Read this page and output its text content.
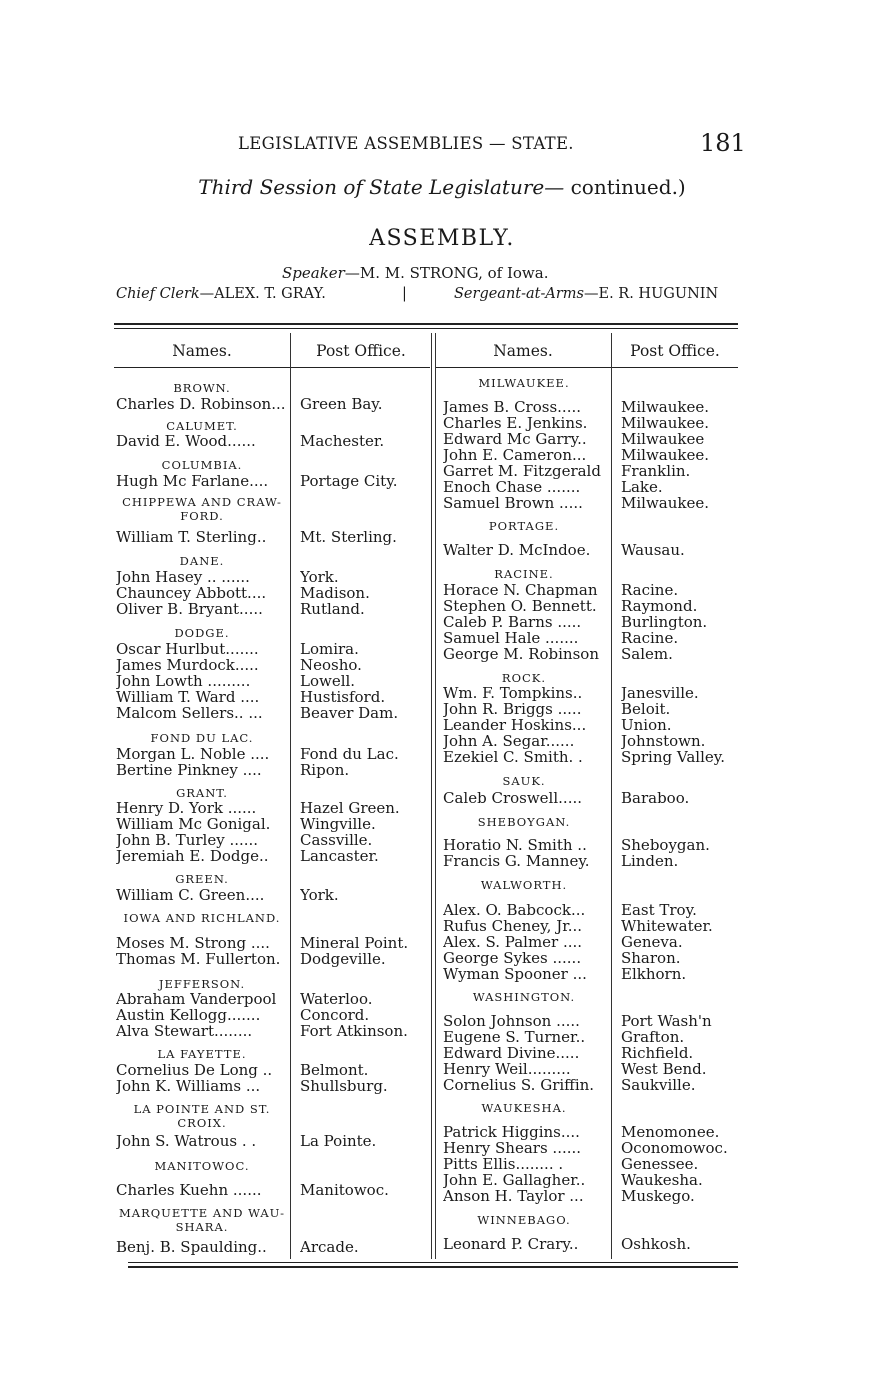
LEGISLATIVE ASSEMBLIES — STATE.	181
Third Session of State Legislature— continued.)
ASSEMBLY.
Speaker—M. M. STRONG, of Iowa.
Chief Clerk—ALEX. T. GRAY.	|	Sergeant-at-Arms—E. R. HUGUNIN
Names.	Post Office.	Names.	Post Office.
BROWN.
Charles D. Robinson... Green Bay.
CALUMET.
David E. Wood......	Machester.
COLUMBIA.
Hugh Mc Farlane....	Portage City.
CHIPPEWA AND CRAW- FORD.
William T. Sterling..	Mt. Sterling.
DANE.
John Hasey .. ......	York.
Chauncey Abbott....	Madison.
Oliver B. Bryant.....	Rutland.
DODGE.
Oscar Hurlbut.......	Lomira.
James Murdock.....	Neosho.
John Lowth .........	Lowell.
William T. Ward ....	Hustisford.
Malcom Sellers.. ...	Beaver Dam.
FOND DU LAC.
Morgan L. Noble ....	Fond du Lac.
Bertine Pinkney ....	Ripon.
GRANT.
Henry D. York ......	Hazel Green.
William Mc Gonigal.	Wingville.
John B. Turley ......	Cassville.
Jeremiah E. Dodge..	Lancaster.
GREEN.
William C. Green....	York.
IOWA AND RICHLAND.
Moses M. Strong ....	Mineral Point.
Thomas M. Fullerton.	Dodgeville.
JEFFERSON.
Abraham Vanderpool	Waterloo.
Austin Kellogg.......	Concord.
Alva Stewart........	Fort Atkinson.
LA FAYETTE.
Cornelius De Long ..	Belmont.
John K. Williams ...	Shullsburg.
LA POINTE AND ST. CROIX.
John S. Watrous . .	La Pointe.
MANITOWOC.
Charles Kuehn ......	Manitowoc.
MARQUETTE AND WAU- SHARA.
Benj. B. Spaulding..	Arcade.
MILWAUKEE.
James B. Cross.....	Milwaukee.
Charles E. Jenkins.	Milwaukee.
Edward Mc Garry..	Milwaukee
John E. Cameron...	Milwaukee.
Garret M. Fitzgerald	Franklin.
Enoch Chase .......	Lake.
Samuel Brown .....	Milwaukee.
PORTAGE.
Walter D. McIndoe.	Wausau.
RACINE.
Horace N. Chapman	Racine.
Stephen O. Bennett.	Raymond.
Caleb P. Barns .....	Burlington.
Samuel Hale .......	Racine.
George M. Robinson	Salem.
ROCK.
Wm. F. Tompkins..	Janesville.
John R. Briggs .....	Beloit.
Leander Hoskins...	Union.
John A. Segar......	Johnstown.
Ezekiel C. Smith. .	Spring Valley.
SAUK.
Caleb Croswell.....	Baraboo.
SHEBOYGAN.
Horatio N. Smith ..	Sheboygan.
Francis G. Manney.	Linden.
WALWORTH.
Alex. O. Babcock...	East Troy.
Rufus Cheney, Jr...	Whitewater.
Alex. S. Palmer ....	Geneva.
George Sykes ......	Sharon.
Wyman Spooner ...	Elkhorn.
WASHINGTON.
Solon Johnson .....	Port Wash'n
Eugene S. Turner..	Grafton.
Edward Divine.....	Richfield.
Henry Weil.........	West Bend.
Cornelius S. Griffin.	Saukville.
WAUKESHA.
Patrick Higgins....	Menomonee.
Henry Shears ......	Oconomowoc.
Pitts Ellis........ .	Genessee.
John E. Gallagher..	Waukesha.
Anson H. Taylor ...	Muskego.
WINNEBAGO.
Leonard P. Crary..	Oshkosh.
